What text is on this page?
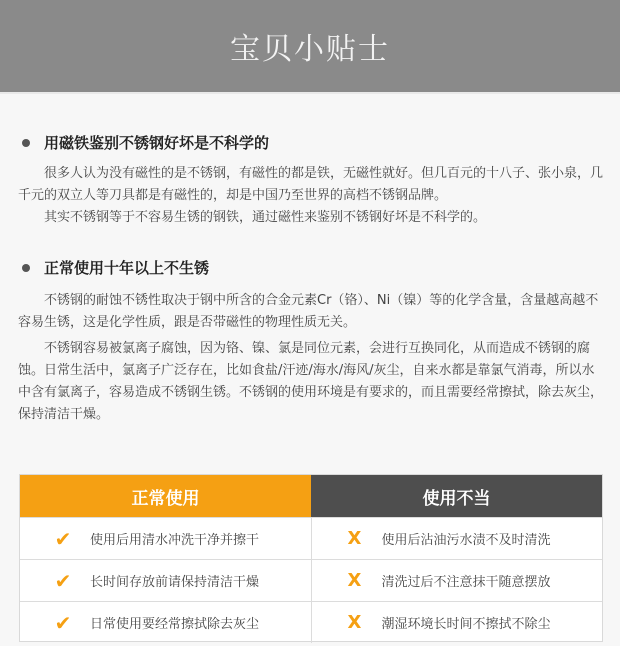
宝贝小贴士
用磁铁鉴别不锈钢好坏是不科学的
很多人认为没有磁性的是不锈钢，有磁性的都是铁，无磁性就好。但几百元的十八子、张小泉，几千元的双立人等刀具都是有磁性的，却是中国乃至世界的高档不锈钢品牌。
其实不锈钢等于不容易生锈的钢铁，通过磁性来鉴别不锈钢好坏是不科学的。
正常使用十年以上不生锈
不锈钢的耐蚀不锈性取决于钢中所含的合金元素Cr（铬）、Ni（镍）等的化学含量，含量越高越不容易生锈，这是化学性质，跟是否带磁性的物理性质无关。
不锈钢容易被氯离子腐蚀，因为铬、镍、氯是同位元素，会进行互换同化，从而造成不锈钢的腐蚀。日常生活中，氯离子广泛存在，比如食盐/汗迹/海水/海风/灰尘，自来水都是靠氯气消毒，所以水中含有氯离子，容易造成不锈钢生锈。不锈钢的使用环境是有要求的，而且需要经常擦拭，除去灰尘，保持清洁干燥。
正常使用	使用不当
✔	使用后用清水冲洗干净并擦干	X	使用后沾油污水渍不及时清洗
✔	长时间存放前请保持清洁干燥	X	清洗过后不注意抹干随意摆放
✔	日常使用要经常擦拭除去灰尘	X	潮湿环境长时间不擦拭不除尘
